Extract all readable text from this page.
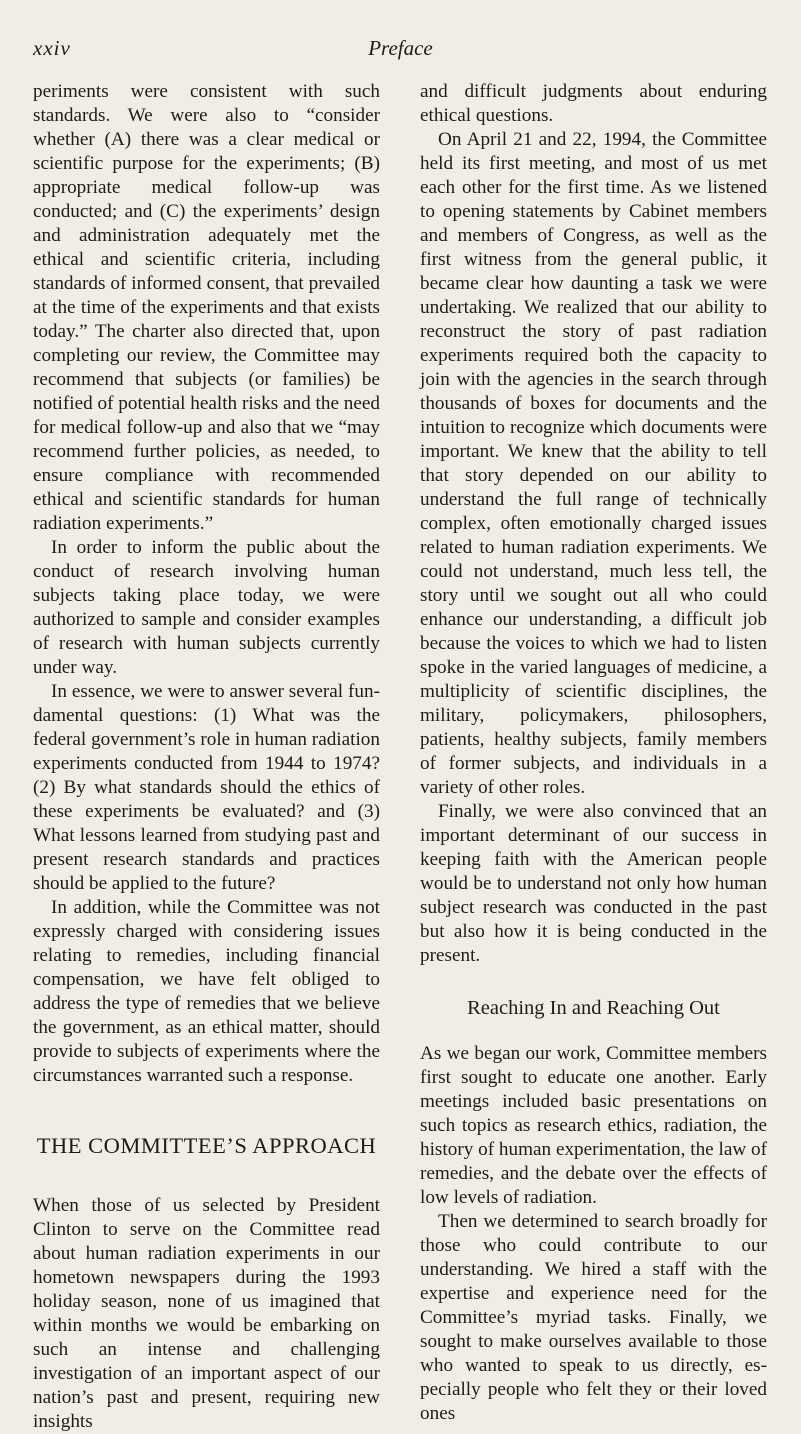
xxiv	Preface

periments were consistent with such standards. We were also to “consider whether (A) there was a clear medical or scientific purpose for the experiments; (B) appropriate medical follow-up was conducted; and (C) the experiments’ design and administration adequately met the ethical and scientific criteria, including standards of informed consent, that prevailed at the time of the experiments and that exists today.” The charter also directed that, upon completing our review, the Committee may recommend that subjects (or families) be notified of potential health risks and the need for medical follow-up and also that we “may recommend further policies, as needed, to ensure compliance with recommended ethical and scientific standards for human radiation experiments.”

In order to inform the public about the conduct of research involving human subjects taking place today, we were authorized to sample and consider examples of research with human subjects currently under way.

In essence, we were to answer several fundamental questions: (1) What was the federal government’s role in human radiation experiments conducted from 1944 to 1974? (2) By what standards should the ethics of these experiments be evaluated? and (3) What lessons learned from studying past and present research standards and practices should be applied to the future?

In addition, while the Committee was not expressly charged with considering issues relating to remedies, including financial compensation, we have felt obliged to address the type of remedies that we believe the government, as an ethical matter, should provide to subjects of experiments where the circumstances warranted such a response.

THE COMMITTEE’S APPROACH

When those of us selected by President Clinton to serve on the Committee read about human radiation experiments in our hometown newspapers during the 1993 holiday season, none of us imagined that within months we would be embarking on such an intense and challenging investigation of an important aspect of our nation’s past and present, requiring new insights

and difficult judgments about enduring ethical questions.

On April 21 and 22, 1994, the Committee held its first meeting, and most of us met each other for the first time. As we listened to opening statements by Cabinet members and members of Congress, as well as the first witness from the general public, it became clear how daunting a task we were undertaking. We realized that our ability to reconstruct the story of past radiation experiments required both the capacity to join with the agencies in the search through thousands of boxes for documents and the intuition to recognize which documents were important. We knew that the ability to tell that story depended on our ability to understand the full range of technically complex, often emotionally charged issues related to human radiation experiments. We could not understand, much less tell, the story until we sought out all who could enhance our understanding, a difficult job because the voices to which we had to listen spoke in the varied languages of medicine, a multiplicity of scientific disciplines, the military, policymakers, philosophers, patients, healthy subjects, family members of former subjects, and individuals in a variety of other roles.

Finally, we were also convinced that an important determinant of our success in keeping faith with the American people would be to understand not only how human subject research was conducted in the past but also how it is being conducted in the present.

Reaching In and Reaching Out

As we began our work, Committee members first sought to educate one another. Early meetings included basic presentations on such topics as research ethics, radiation, the history of human experimentation, the law of remedies, and the debate over the effects of low levels of radiation.

Then we determined to search broadly for those who could contribute to our understanding. We hired a staff with the expertise and experience need for the Committee’s myriad tasks. Finally, we sought to make ourselves available to those who wanted to speak to us directly, especially people who felt they or their loved ones
